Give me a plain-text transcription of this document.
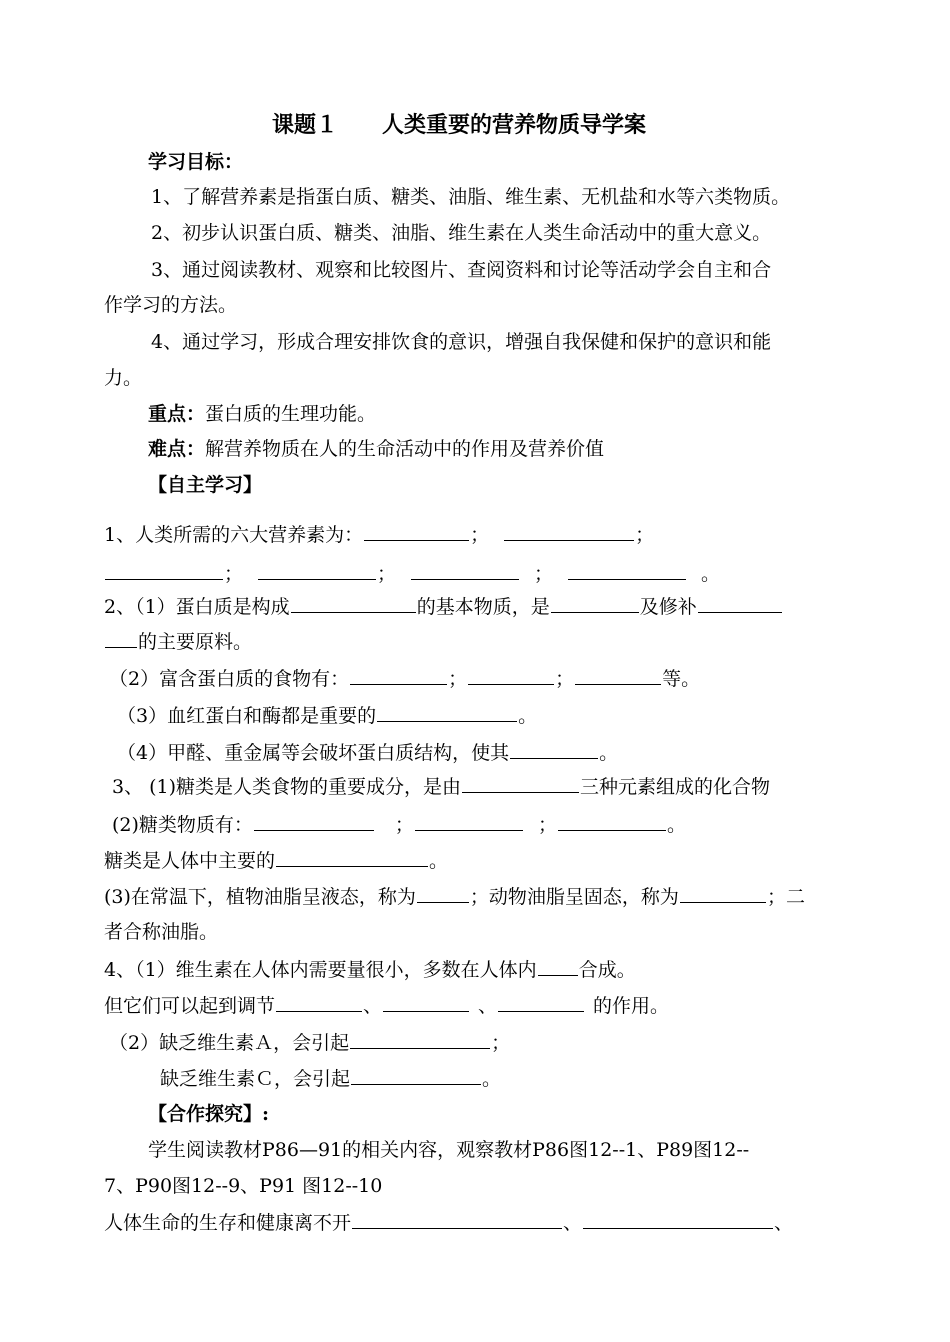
课题１　　人类重要的营养物质导学案
学习目标：
1、了解营养素是指蛋白质、糖类、油脂、维生素、无机盐和水等六类物质。
2、初步认识蛋白质、糖类、油脂、维生素在人类生命活动中的重大意义。
3、通过阅读教材、观察和比较图片、查阅资料和讨论等活动学会自主和合
作学习的方法。
4、通过学习，形成合理安排饮食的意识，增强自我保健和保护的意识和能
力。
重点：蛋白质的生理功能。
难点：解营养物质在人的生命活动中的作用及营养价值
【自主学习】
1、人类所需的六大营养素为：	；	；
；	；	；	。
2、（1）蛋白质是构成	的基本物质，是	及修补
的主要原料。
（2）富含蛋白质的食物有：	；	；	等。
（3）血红蛋白和酶都是重要的	。
（4）甲醛、重金属等会破坏蛋白质结构，使其	。
3、 (1)糖类是人类食物的重要成分，是由	三种元素组成的化合物
(2)糖类物质有：	；	；	。
糖类是人体中主要的	。
(3)在常温下，植物油脂呈液态，称为	；动物油脂呈固态，称为	；二
者合称油脂。
4、（1）维生素在人体内需要量很小，多数在人体内 合成。
但它们可以起到调节	、	、	的作用。
（2）缺乏维生素Ａ，会引起	；
缺乏维生素Ｃ，会引起	。
【合作探究】:
学生阅读教材P86—91的相关内容，观察教材P86图12--1、P89图12--
7、P90图12--9、P91 图12--10
人体生命的生存和健康离不开	、	、
